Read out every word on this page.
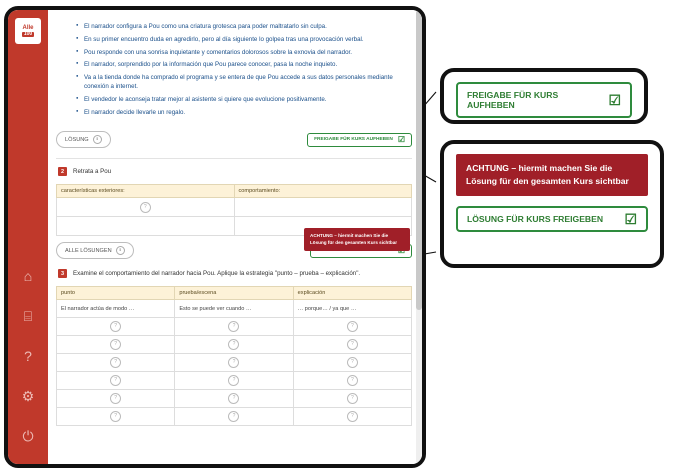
Alle
100
⌂
⌸
?
⚙
⏻
● El narrador configura a Pou como una criatura grotesca para poder maltratarlo sin culpa.
● En su primer encuentro duda en agredirlo, pero al día siguiente lo golpea tras una provocación verbal.
● Pou responde con una sonrisa inquietante y comentarios dolorosos sobre la exnovia del narrador.
● El narrador, sorprendido por la información que Pou parece conocer, pasa la noche inquieto.
● Va a la tienda donde ha comprado el programa y se entera de que Pou accede a sus datos personales mediante conexión a internet.
● El vendedor le aconseja tratar mejor al asistente si quiere que evolucione positivamente.
● El narrador decide llevarle un regalo.
LÖSUNG	ℹ	FREIGABE FÜR KURS AUFHEBEN ☑
2	Retrata a Pou
características exteriores:	comportamiento:

?	

ALLE LÖSUNGEN	ℹ
3	Examine el comportamiento del narrador hacia Pou. Aplique la estrategia "punto – prueba – explicación".
punto	prueba/escena	explicación
El narrador actúa de modo …	Esto se puede ver cuando …	… porque… / ya que …

?	?	?

?	?	?

?	?	?

?	?	?

?	?	?

?	?	?
ACHTUNG – hiermit machen Sie die Lösung für den gesamten Kurs sichtbar
FREIGABE FÜR KURS AUFHEBEN	☑
ACHTUNG – hiermit machen Sie die Lösung für den gesamten Kurs sichtbar
LÖSUNG FÜR KURS FREIGEBEN ☑
